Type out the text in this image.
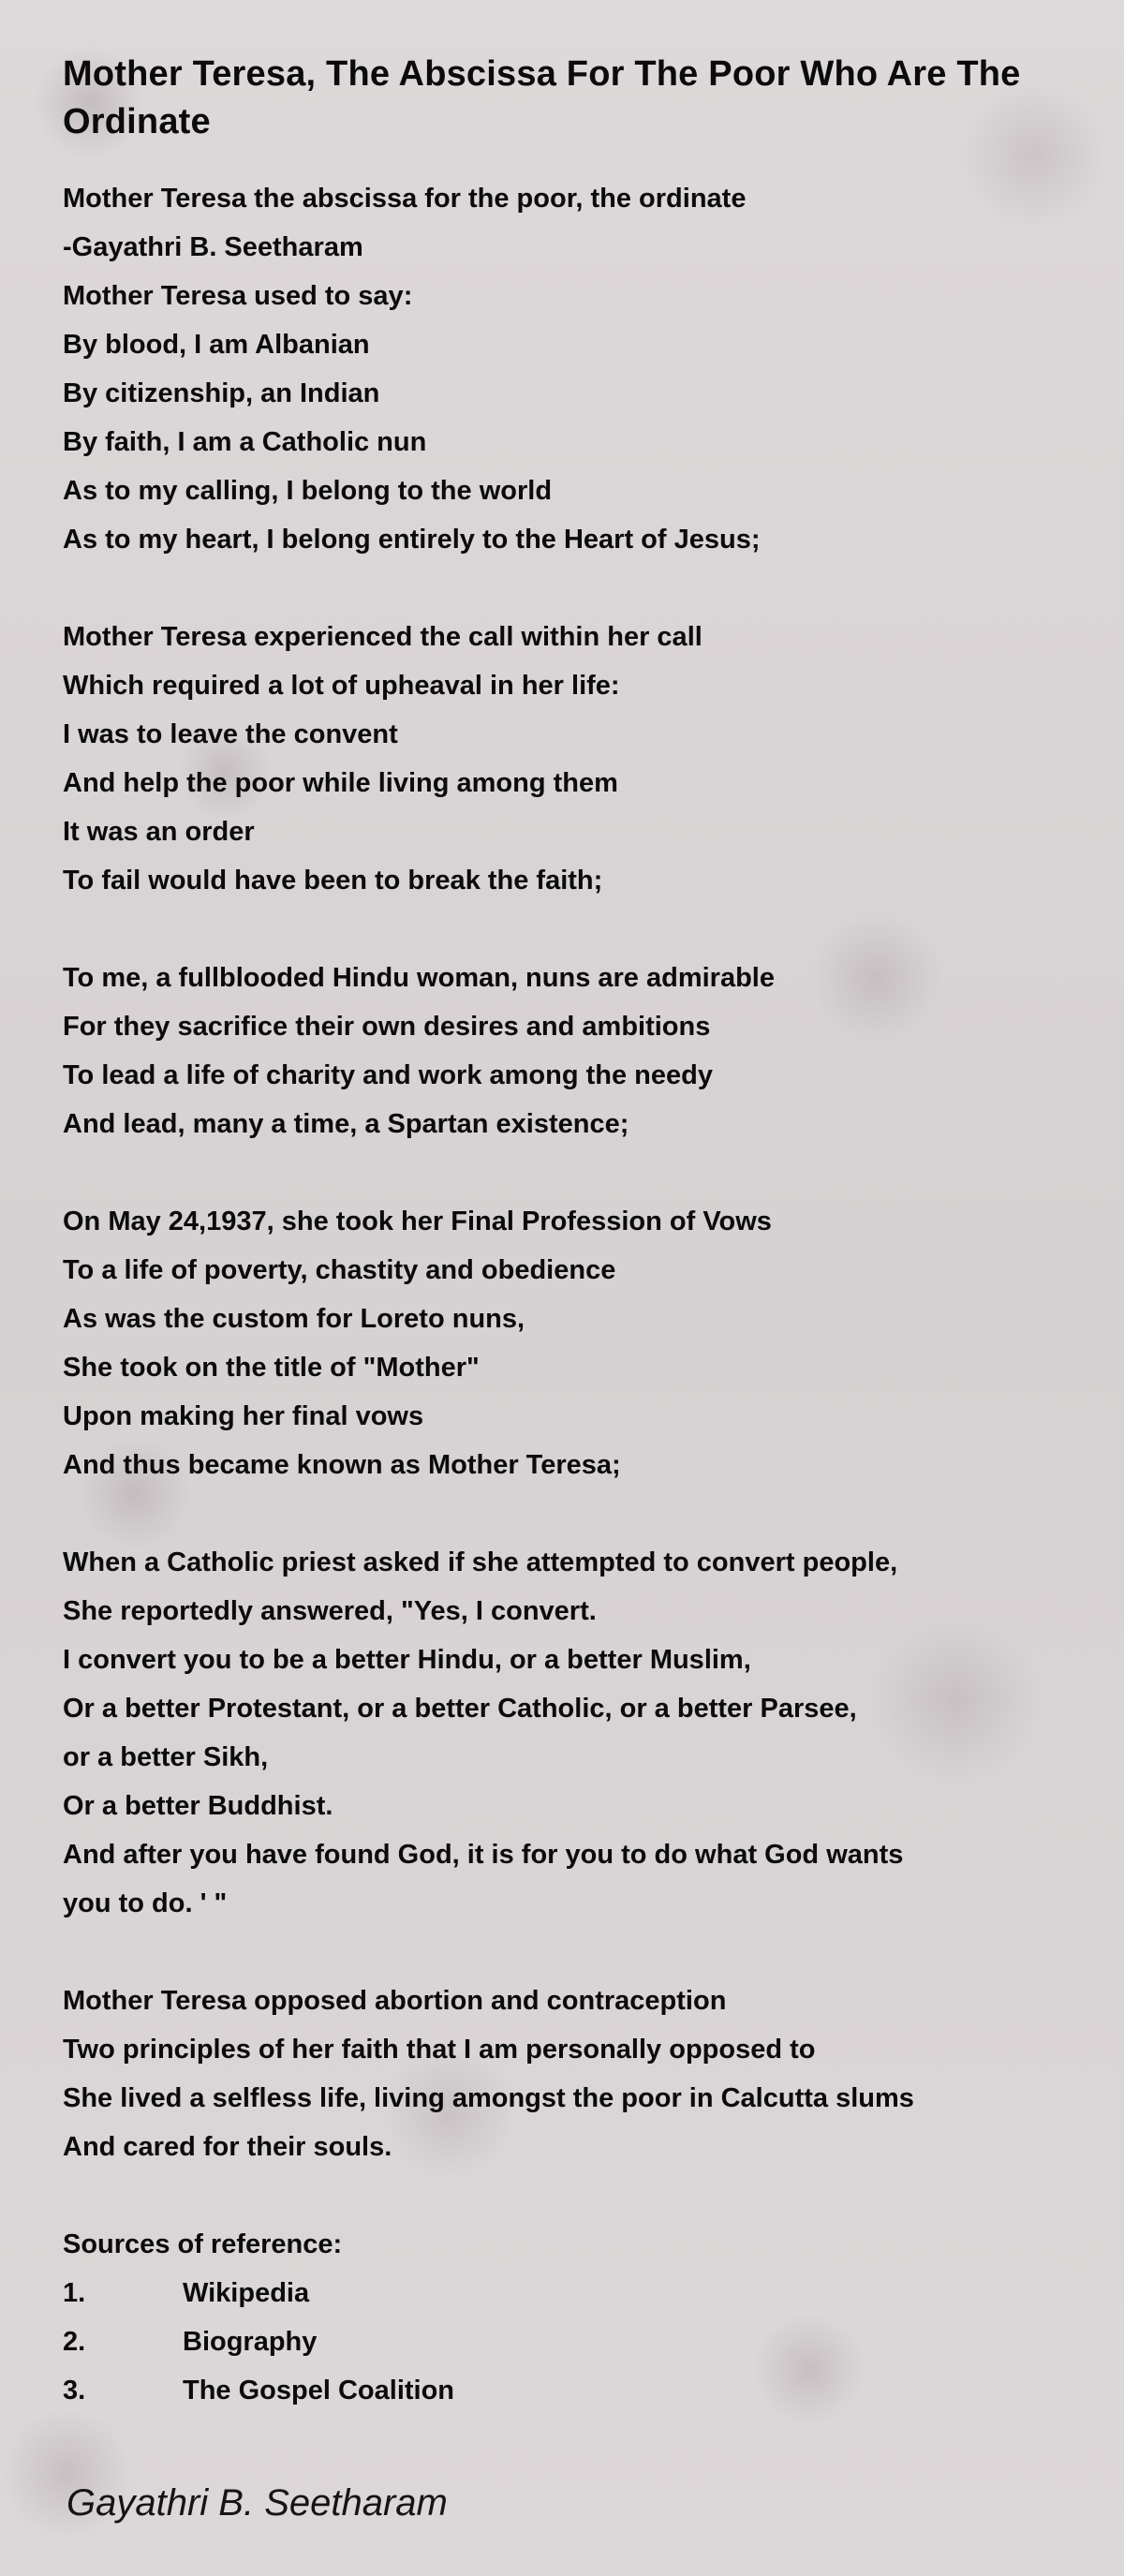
Mother Teresa, The Abscissa For The Poor Who Are The Ordinate
Mother Teresa the abscissa for the poor, the ordinate
-Gayathri B. Seetharam
Mother Teresa used to say:
By blood, I am Albanian
By citizenship, an Indian
By faith, I am a Catholic nun
As to my calling, I belong to the world
As to my heart, I belong entirely to the Heart of Jesus;
Mother Teresa experienced the call within her call
Which required a lot of upheaval in her life:
I was to leave the convent
And help the poor while living among them
It was an order
To fail would have been to break the faith;
To me, a fullblooded Hindu woman, nuns are admirable
For they sacrifice their own desires and ambitions
To lead a life of charity and work among the needy
And lead, many a time, a Spartan existence;
On May 24,1937, she took her Final Profession of Vows
To a life of poverty, chastity and obedience
As was the custom for Loreto nuns,
She took on the title of "Mother"
Upon making her final vows
And thus became known as Mother Teresa;
When a Catholic priest asked if she attempted to convert people,
She reportedly answered, "Yes, I convert.
I convert you to be a better Hindu, or a better Muslim,
Or a better Protestant, or a better Catholic, or a better Parsee,
or a better Sikh,
Or a better Buddhist.
And after you have found God, it is for you to do what God wants
you to do. ' "
Mother Teresa opposed abortion and contraception
Two principles of her faith that I am personally opposed to
She lived a selfless life, living amongst the poor in Calcutta slums
And cared for their souls.
Sources of reference:
1.	Wikipedia
2.	Biography
3.	The Gospel Coalition
Gayathri B. Seetharam
